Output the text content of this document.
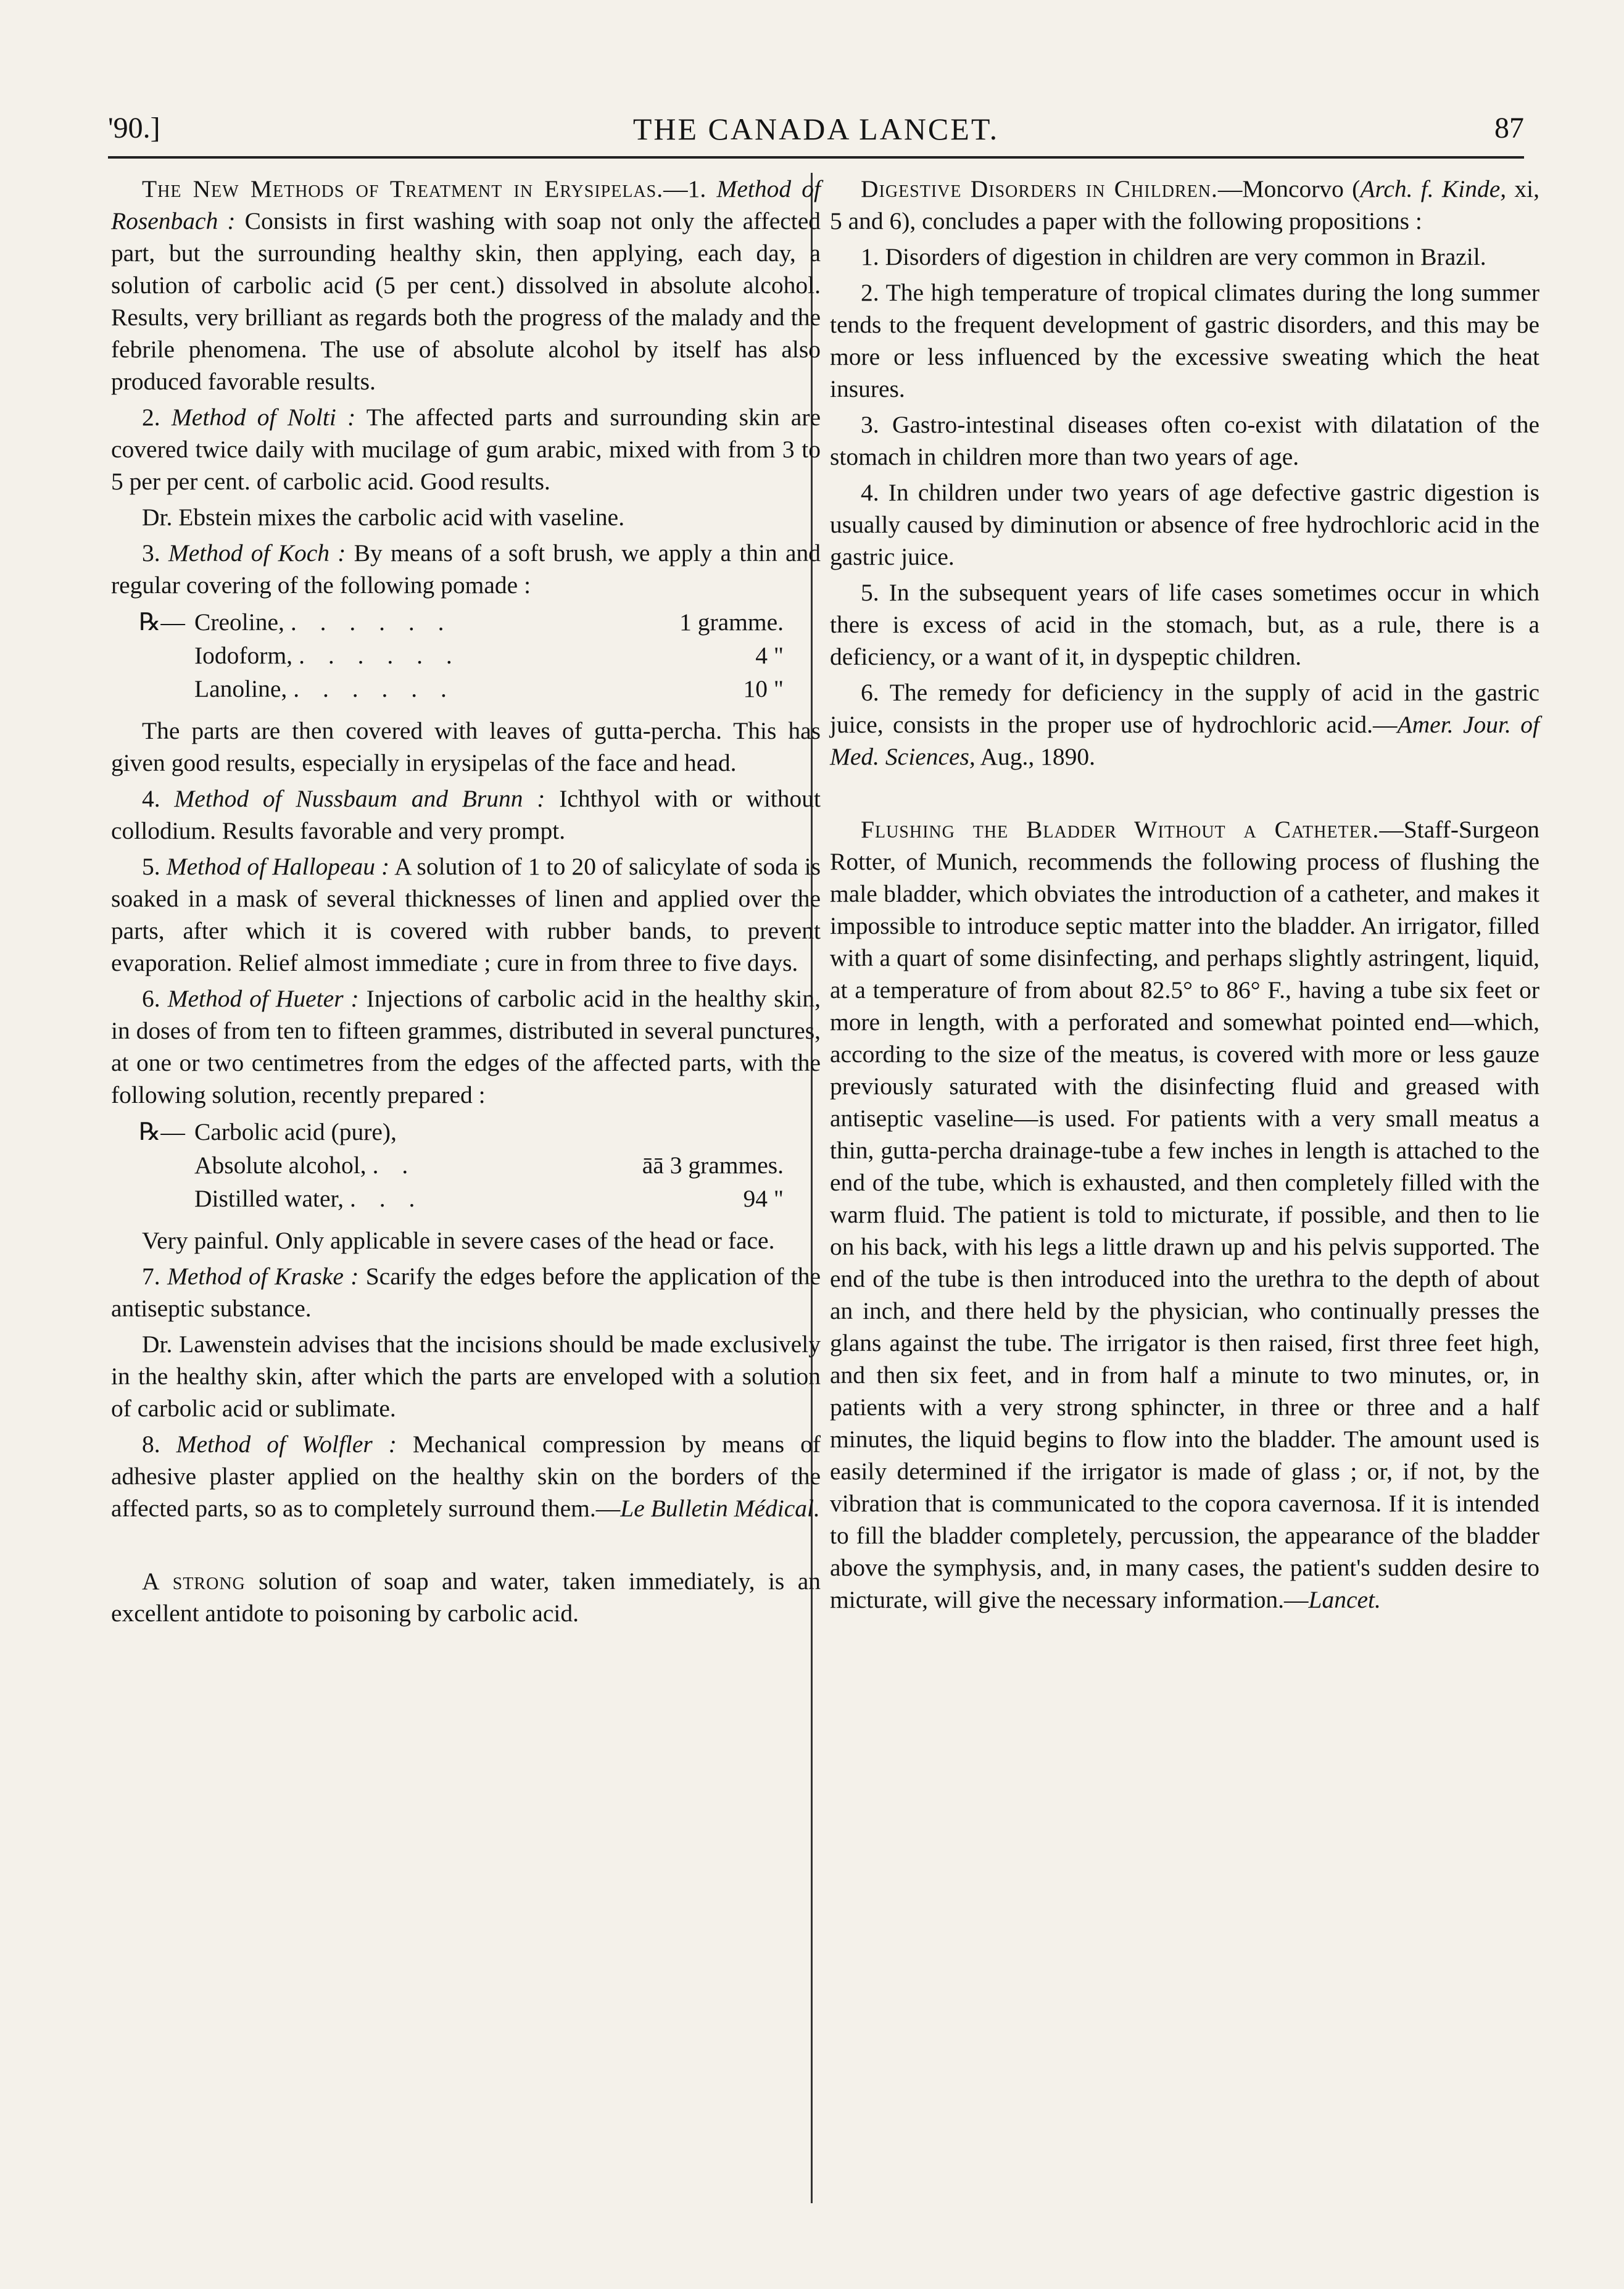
'90.]	THE CANADA LANCET.	87

The New Methods of Treatment in Erysipelas.—1. Method of Rosenbach : Consists in first washing with soap not only the affected part, but the surrounding healthy skin, then applying, each day, a solution of carbolic acid (5 per cent.) dissolved in absolute alcohol. Results, very brilliant as regards both the progress of the malady and the febrile phenomena. The use of absolute alcohol by itself has also produced favorable results.

2. Method of Nolti : The affected parts and surrounding skin are covered twice daily with mucilage of gum arabic, mixed with from 3 to 5 per per cent. of carbolic acid. Good results.

Dr. Ebstein mixes the carbolic acid with vaseline.

3. Method of Koch : By means of a soft brush, we apply a thin and regular covering of the following pomade :

℞— Creoline, . . . . . .	1 gramme.
Iodoform, . . . . . .	4 "
Lanoline, . . . . . .	10 "

The parts are then covered with leaves of gutta-percha. This has given good results, especially in erysipelas of the face and head.

4. Method of Nussbaum and Brunn : Ichthyol with or without collodium. Results favorable and very prompt.

5. Method of Hallopeau : A solution of 1 to 20 of salicylate of soda is soaked in a mask of several thicknesses of linen and applied over the parts, after which it is covered with rubber bands, to prevent evaporation. Relief almost immediate ; cure in from three to five days.

6. Method of Hueter : Injections of carbolic acid in the healthy skin, in doses of from ten to fifteen grammes, distributed in several punctures, at one or two centimetres from the edges of the affected parts, with the following solution, recently prepared :

℞— Carbolic acid (pure),
Absolute alcohol, . .	āā 3 grammes.
Distilled water, . . .	94 "

Very painful. Only applicable in severe cases of the head or face.

7. Method of Kraske : Scarify the edges before the application of the antiseptic substance.

Dr. Lawenstein advises that the incisions should be made exclusively in the healthy skin, after which the parts are enveloped with a solution of carbolic acid or sublimate.

8. Method of Wolfler : Mechanical compression by means of adhesive plaster applied on the healthy skin on the borders of the affected parts, so as to completely surround them.—Le Bulletin Médical.

A strong solution of soap and water, taken immediately, is an excellent antidote to poisoning by carbolic acid.

Digestive Disorders in Children.—Moncorvo (Arch. f. Kinde, xi, 5 and 6), concludes a paper with the following propositions :

1. Disorders of digestion in children are very common in Brazil.

2. The high temperature of tropical climates during the long summer tends to the frequent development of gastric disorders, and this may be more or less influenced by the excessive sweating which the heat insures.

3. Gastro-intestinal diseases often co-exist with dilatation of the stomach in children more than two years of age.

4. In children under two years of age defective gastric digestion is usually caused by diminution or absence of free hydrochloric acid in the gastric juice.

5. In the subsequent years of life cases sometimes occur in which there is excess of acid in the stomach, but, as a rule, there is a deficiency, or a want of it, in dyspeptic children.

6. The remedy for deficiency in the supply of acid in the gastric juice, consists in the proper use of hydrochloric acid.—Amer. Jour. of Med. Sciences, Aug., 1890.

Flushing the Bladder Without a Catheter.—Staff-Surgeon Rotter, of Munich, recommends the following process of flushing the male bladder, which obviates the introduction of a catheter, and makes it impossible to introduce septic matter into the bladder. An irrigator, filled with a quart of some disinfecting, and perhaps slightly astringent, liquid, at a temperature of from about 82.5° to 86° F., having a tube six feet or more in length, with a perforated and somewhat pointed end—which, according to the size of the meatus, is covered with more or less gauze previously saturated with the disinfecting fluid and greased with antiseptic vaseline—is used. For patients with a very small meatus a thin, gutta-percha drainage-tube a few inches in length is attached to the end of the tube, which is exhausted, and then completely filled with the warm fluid. The patient is told to micturate, if possible, and then to lie on his back, with his legs a little drawn up and his pelvis supported. The end of the tube is then introduced into the urethra to the depth of about an inch, and there held by the physician, who continually presses the glans against the tube. The irrigator is then raised, first three feet high, and then six feet, and in from half a minute to two minutes, or, in patients with a very strong sphincter, in three or three and a half minutes, the liquid begins to flow into the bladder. The amount used is easily determined if the irrigator is made of glass ; or, if not, by the vibration that is communicated to the copora cavernosa. If it is intended to fill the bladder completely, percussion, the appearance of the bladder above the symphysis, and, in many cases, the patient's sudden desire to micturate, will give the necessary information.—Lancet.
